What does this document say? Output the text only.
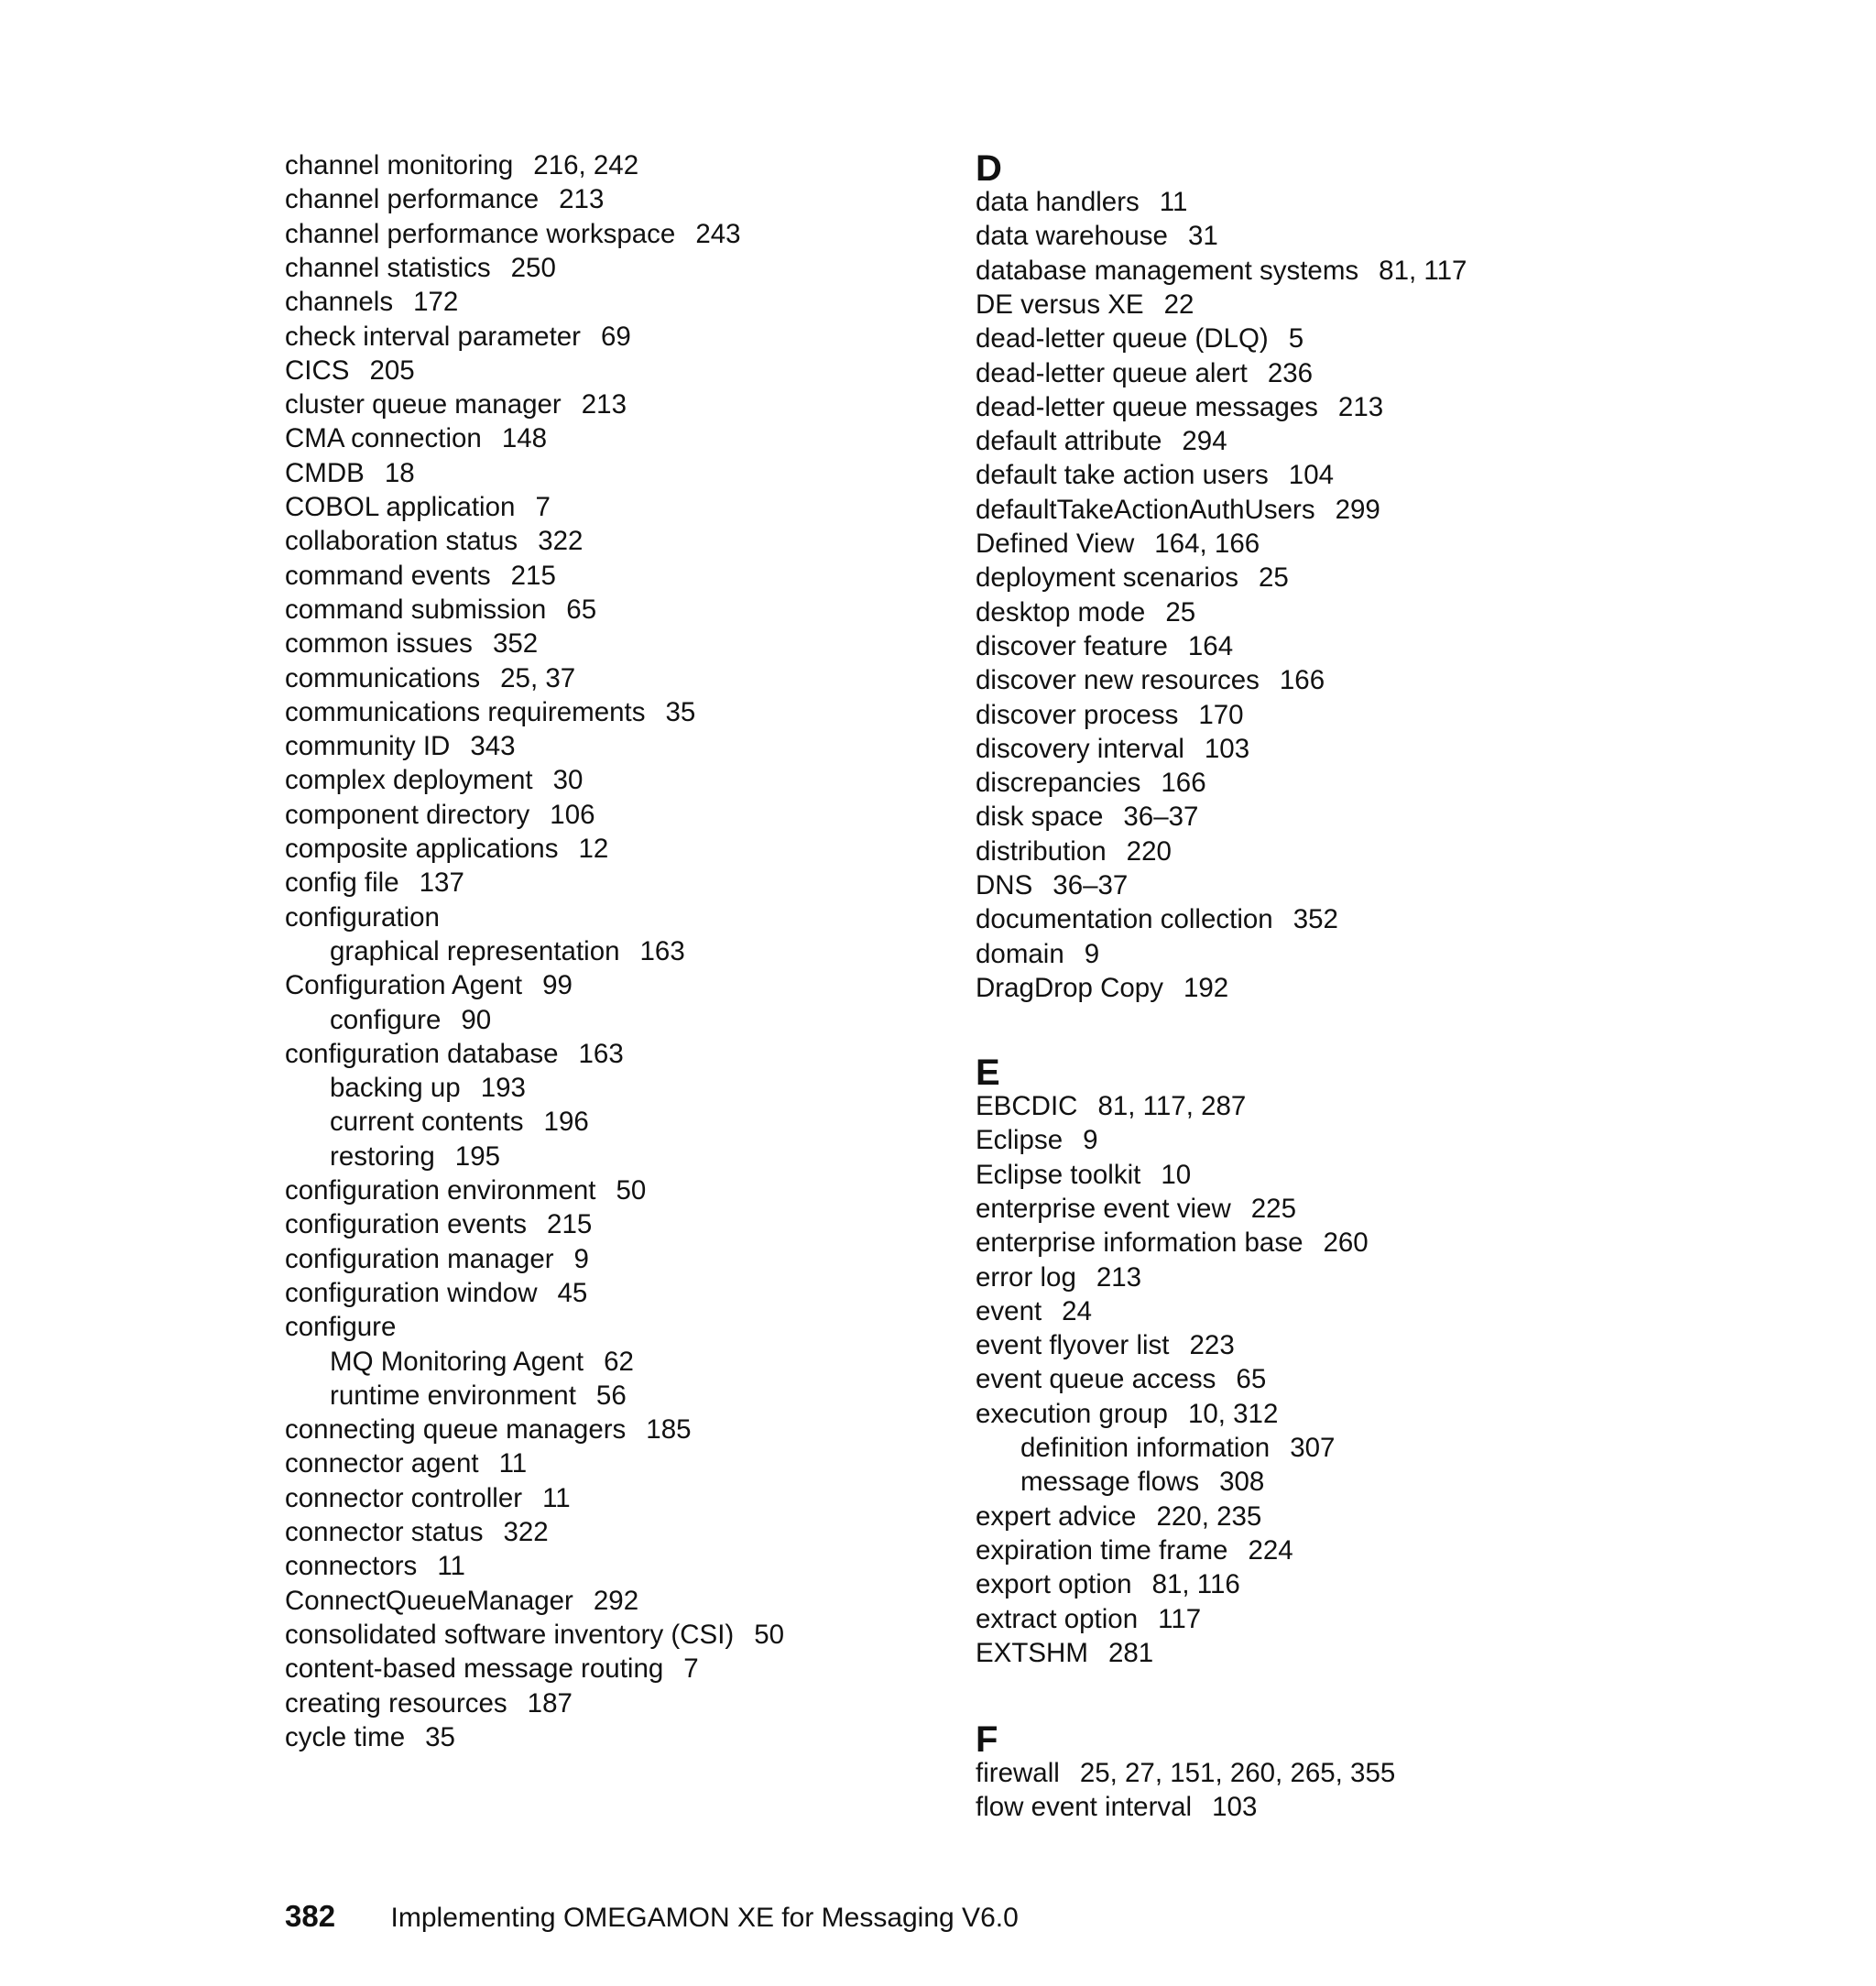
channel monitoring 216, 242
channel performance 213
channel performance workspace 243
channel statistics 250
channels 172
check interval parameter 69
CICS 205
cluster queue manager 213
CMA connection 148
CMDB 18
COBOL application 7
collaboration status 322
command events 215
command submission 65
common issues 352
communications 25, 37
communications requirements 35
community ID 343
complex deployment 30
component directory 106
composite applications 12
config file 137
configuration
graphical representation 163
Configuration Agent 99
configure 90
configuration database 163
backing up 193
current contents 196
restoring 195
configuration environment 50
configuration events 215
configuration manager 9
configuration window 45
configure
MQ Monitoring Agent 62
runtime environment 56
connecting queue managers 185
connector agent 11
connector controller 11
connector status 322
connectors 11
ConnectQueueManager 292
consolidated software inventory (CSI) 50
content-based message routing 7
creating resources 187
cycle time 35
D
data handlers 11
data warehouse 31
database management systems 81, 117
DE versus XE 22
dead-letter queue (DLQ) 5
dead-letter queue alert 236
dead-letter queue messages 213
default attribute 294
default take action users 104
defaultTakeActionAuthUsers 299
Defined View 164, 166
deployment scenarios 25
desktop mode 25
discover feature 164
discover new resources 166
discover process 170
discovery interval 103
discrepancies 166
disk space 36–37
distribution 220
DNS 36–37
documentation collection 352
domain 9
DragDrop Copy 192
E
EBCDIC 81, 117, 287
Eclipse 9
Eclipse toolkit 10
enterprise event view 225
enterprise information base 260
error log 213
event 24
event flyover list 223
event queue access 65
execution group 10, 312
definition information 307
message flows 308
expert advice 220, 235
expiration time frame 224
export option 81, 116
extract option 117
EXTSHM 281
F
firewall 25, 27, 151, 260, 265, 355
flow event interval 103
382 Implementing OMEGAMON XE for Messaging V6.0
